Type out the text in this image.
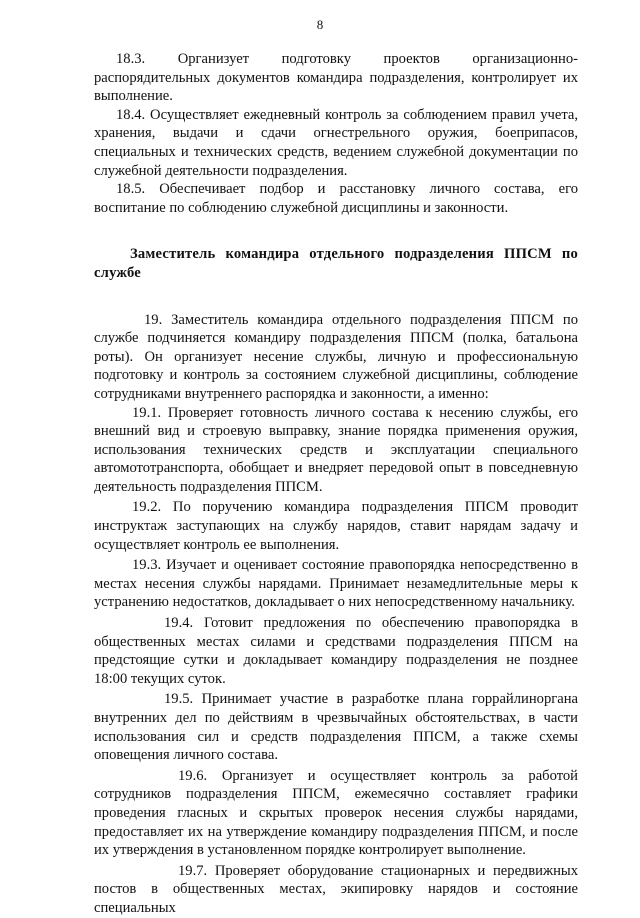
8

18.3. Организует подготовку проектов организационно-распорядительных документов командира подразделения, контролирует их выполнение.

18.4. Осуществляет ежедневный контроль за соблюдением правил учета, хранения, выдачи и сдачи огнестрельного оружия, боеприпасов, специальных и технических средств, ведением служебной документации по служебной деятельности подразделения.

18.5. Обеспечивает подбор и расстановку личного состава, его воспитание по соблюдению служебной дисциплины и законности.

Заместитель командира отдельного подразделения ППСМ по службе

19. Заместитель командира отдельного подразделения ППСМ по службе подчиняется командиру подразделения ППСМ (полка, батальона роты). Он организует несение службы, личную и профессиональную подготовку и контроль за состоянием служебной дисциплины, соблюдение сотрудниками внутреннего распорядка и законности, а именно:

19.1. Проверяет готовность личного состава к несению службы, его внешний вид и строевую выправку, знание порядка применения оружия, использования технических средств и эксплуатации специального автомототранспорта, обобщает и внедряет передовой опыт в повседневную деятельность подразделения ППСМ.

19.2. По поручению командира подразделения ППСМ проводит инструктаж заступающих на службу нарядов, ставит нарядам задачу и осуществляет контроль ее выполнения.

19.3. Изучает и оценивает состояние правопорядка непосредственно в местах несения службы нарядами. Принимает незамедлительные меры к устранению недостатков, докладывает о них непосредственному начальнику.

19.4. Готовит предложения по обеспечению правопорядка в общественных местах силами и средствами подразделения ППСМ на предстоящие сутки и докладывает командиру подразделения не позднее 18:00 текущих суток.

19.5. Принимает участие в разработке плана горрайлиноргана внутренних дел по действиям в чрезвычайных обстоятельствах, в части использования сил и средств подразделения ППСМ, а также схемы оповещения личного состава.

19.6. Организует и осуществляет контроль за работой сотрудников подразделения ППСМ, ежемесячно составляет графики проведения гласных и скрытых проверок несения службы нарядами, предоставляет их на утверждение командиру подразделения ППСМ, и после их утверждения в установленном порядке контролирует выполнение.

19.7. Проверяет оборудование стационарных и передвижных постов в общественных местах, экипировку нарядов и состояние специальных
